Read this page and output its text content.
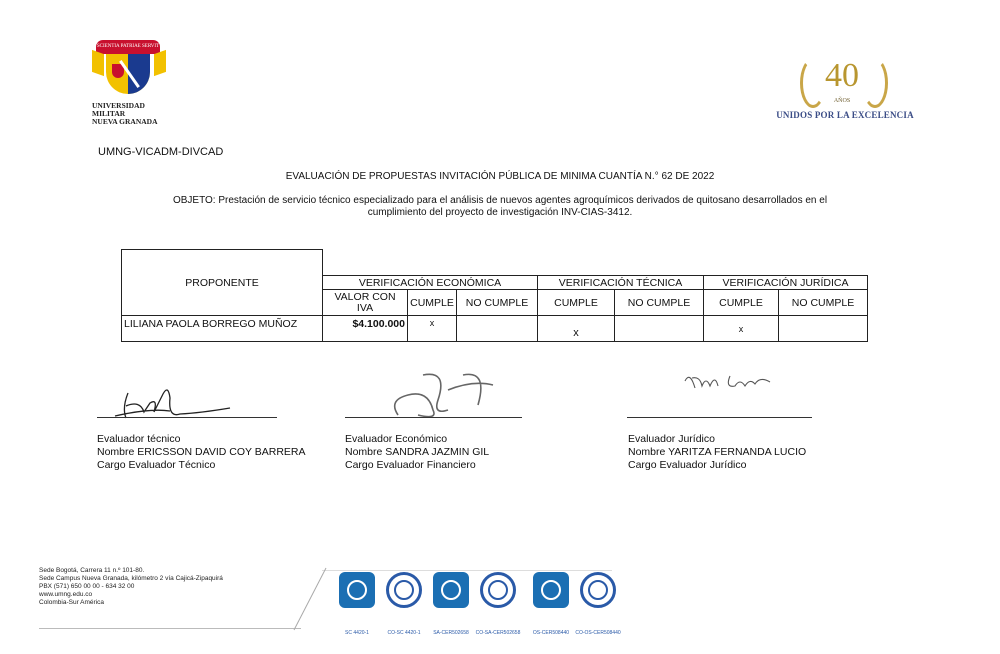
SCIENTIA PATRIAE SERVIT
UNIVERSIDAD MILITAR
NUEVA GRANADA
40
AÑOS
UNIDOS POR LA EXCELENCIA
UMNG-VICADM-DIVCAD
EVALUACIÓN DE PROPUESTAS INVITACIÓN PÚBLICA DE MINIMA CUANTÍA N.° 62 DE 2022
OBJETO: Prestación de servicio técnico especializado para el análisis de nuevos agentes agroquímicos derivados de quitosano desarrollados en el
cumplimiento del proyecto de investigación INV-CIAS-3412.
PROPONENTE							
	VERIFICACIÓN ECONÓMICA			VERIFICACIÓN TÉCNICA		VERIFICACIÓN JURÍDICA	

	VALOR CON
IVA	CUMPLE	NO CUMPLE	CUMPLE	NO CUMPLE	CUMPLE	NO CUMPLE
LILIANA PAOLA BORREGO MUÑOZ	$4.100.000	x		x		x	
Evaluador técnico
Nombre ERICSSON DAVID COY BARRERA
Cargo Evaluador Técnico
Evaluador Económico
Nombre SANDRA JAZMIN GIL
Cargo Evaluador Financiero
Evaluador Jurídico
Nombre YARITZA FERNANDA LUCIO
Cargo Evaluador Jurídico
Sede Bogotá, Carrera 11 n.º 101-80.
Sede Campus Nueva Granada, kilómetro 2 vía Cajicá-Zipaquirá
PBX (571) 650 00 00 - 634 32 00
www.umng.edu.co
Colombia-Sur América
SC 4420-1	CO-SC 4420-1	SA-CER502658	CO-SA-CER502658	OS-CER508440	CO-OS-CER508440
